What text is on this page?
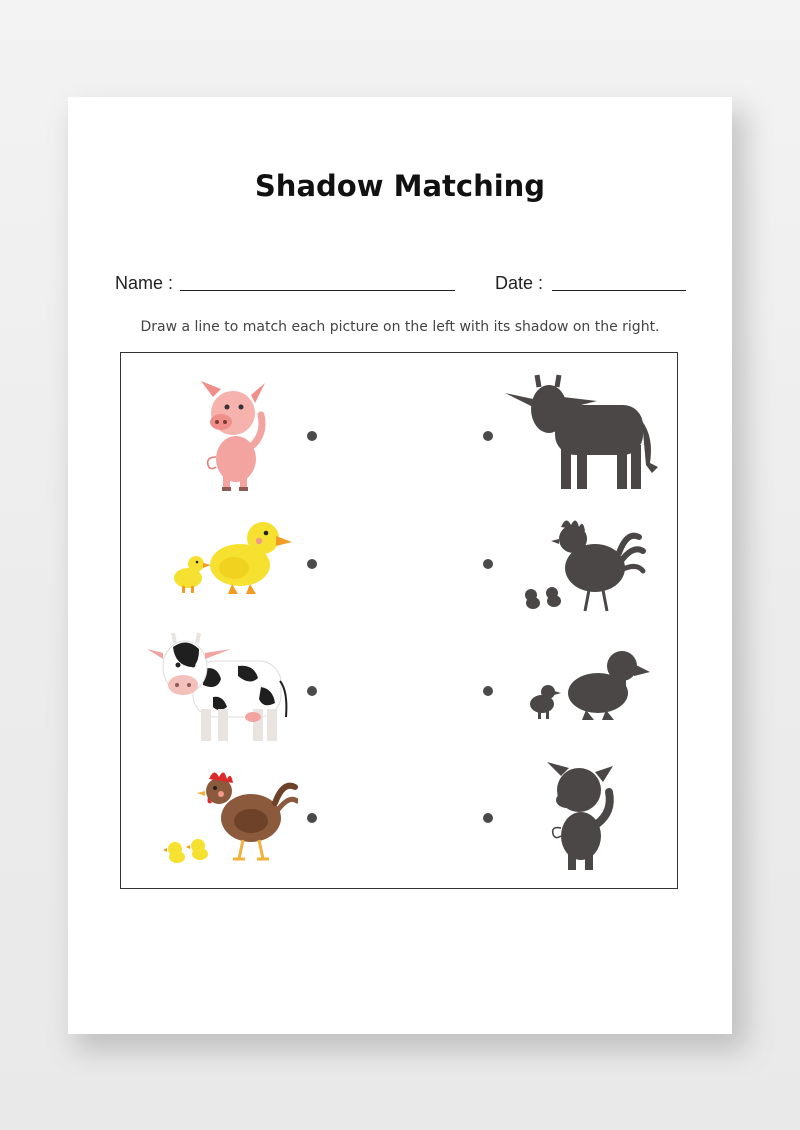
Shadow Matching
Name :	Date :
Draw a line to match each picture on the left with its shadow on the right.
